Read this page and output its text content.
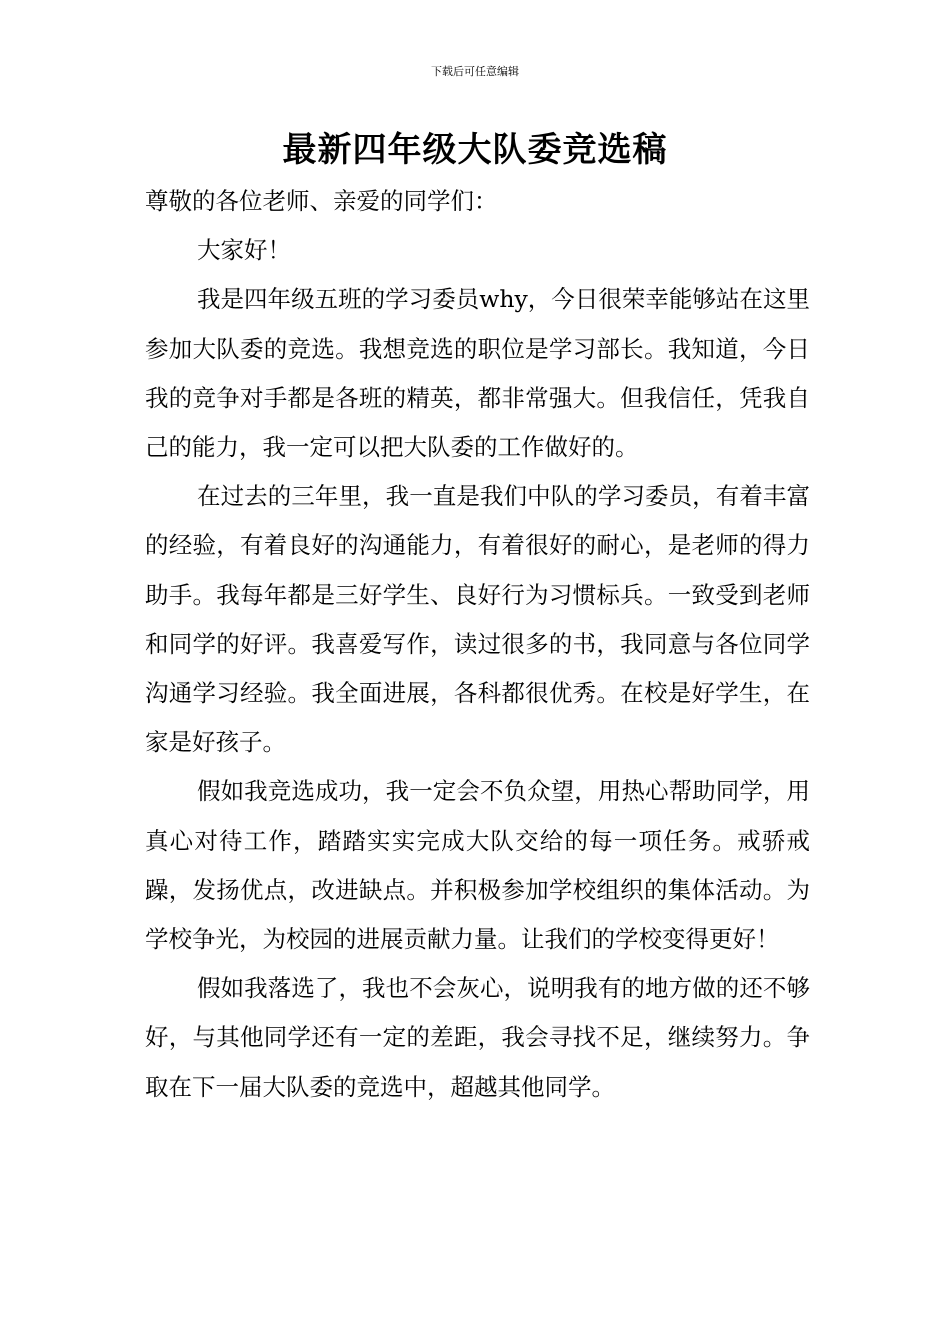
下载后可任意编辑
最新四年级大队委竞选稿

尊敬的各位老师、亲爱的同学们：

大家好！

我是四年级五班的学习委员why，今日很荣幸能够站在这里参加大队委的竞选。我想竞选的职位是学习部长。我知道，今日我的竞争对手都是各班的精英，都非常强大。但我信任，凭我自己的能力，我一定可以把大队委的工作做好的。

在过去的三年里，我一直是我们中队的学习委员，有着丰富的经验，有着良好的沟通能力，有着很好的耐心，是老师的得力助手。我每年都是三好学生、良好行为习惯标兵。一致受到老师和同学的好评。我喜爱写作，读过很多的书，我同意与各位同学沟通学习经验。我全面进展，各科都很优秀。在校是好学生，在家是好孩子。

假如我竞选成功，我一定会不负众望，用热心帮助同学，用真心对待工作，踏踏实实完成大队交给的每一项任务。戒骄戒躁，发扬优点，改进缺点。并积极参加学校组织的集体活动。为学校争光，为校园的进展贡献力量。让我们的学校变得更好！

假如我落选了，我也不会灰心，说明我有的地方做的还不够好，与其他同学还有一定的差距，我会寻找不足，继续努力。争取在下一届大队委的竞选中，超越其他同学。
